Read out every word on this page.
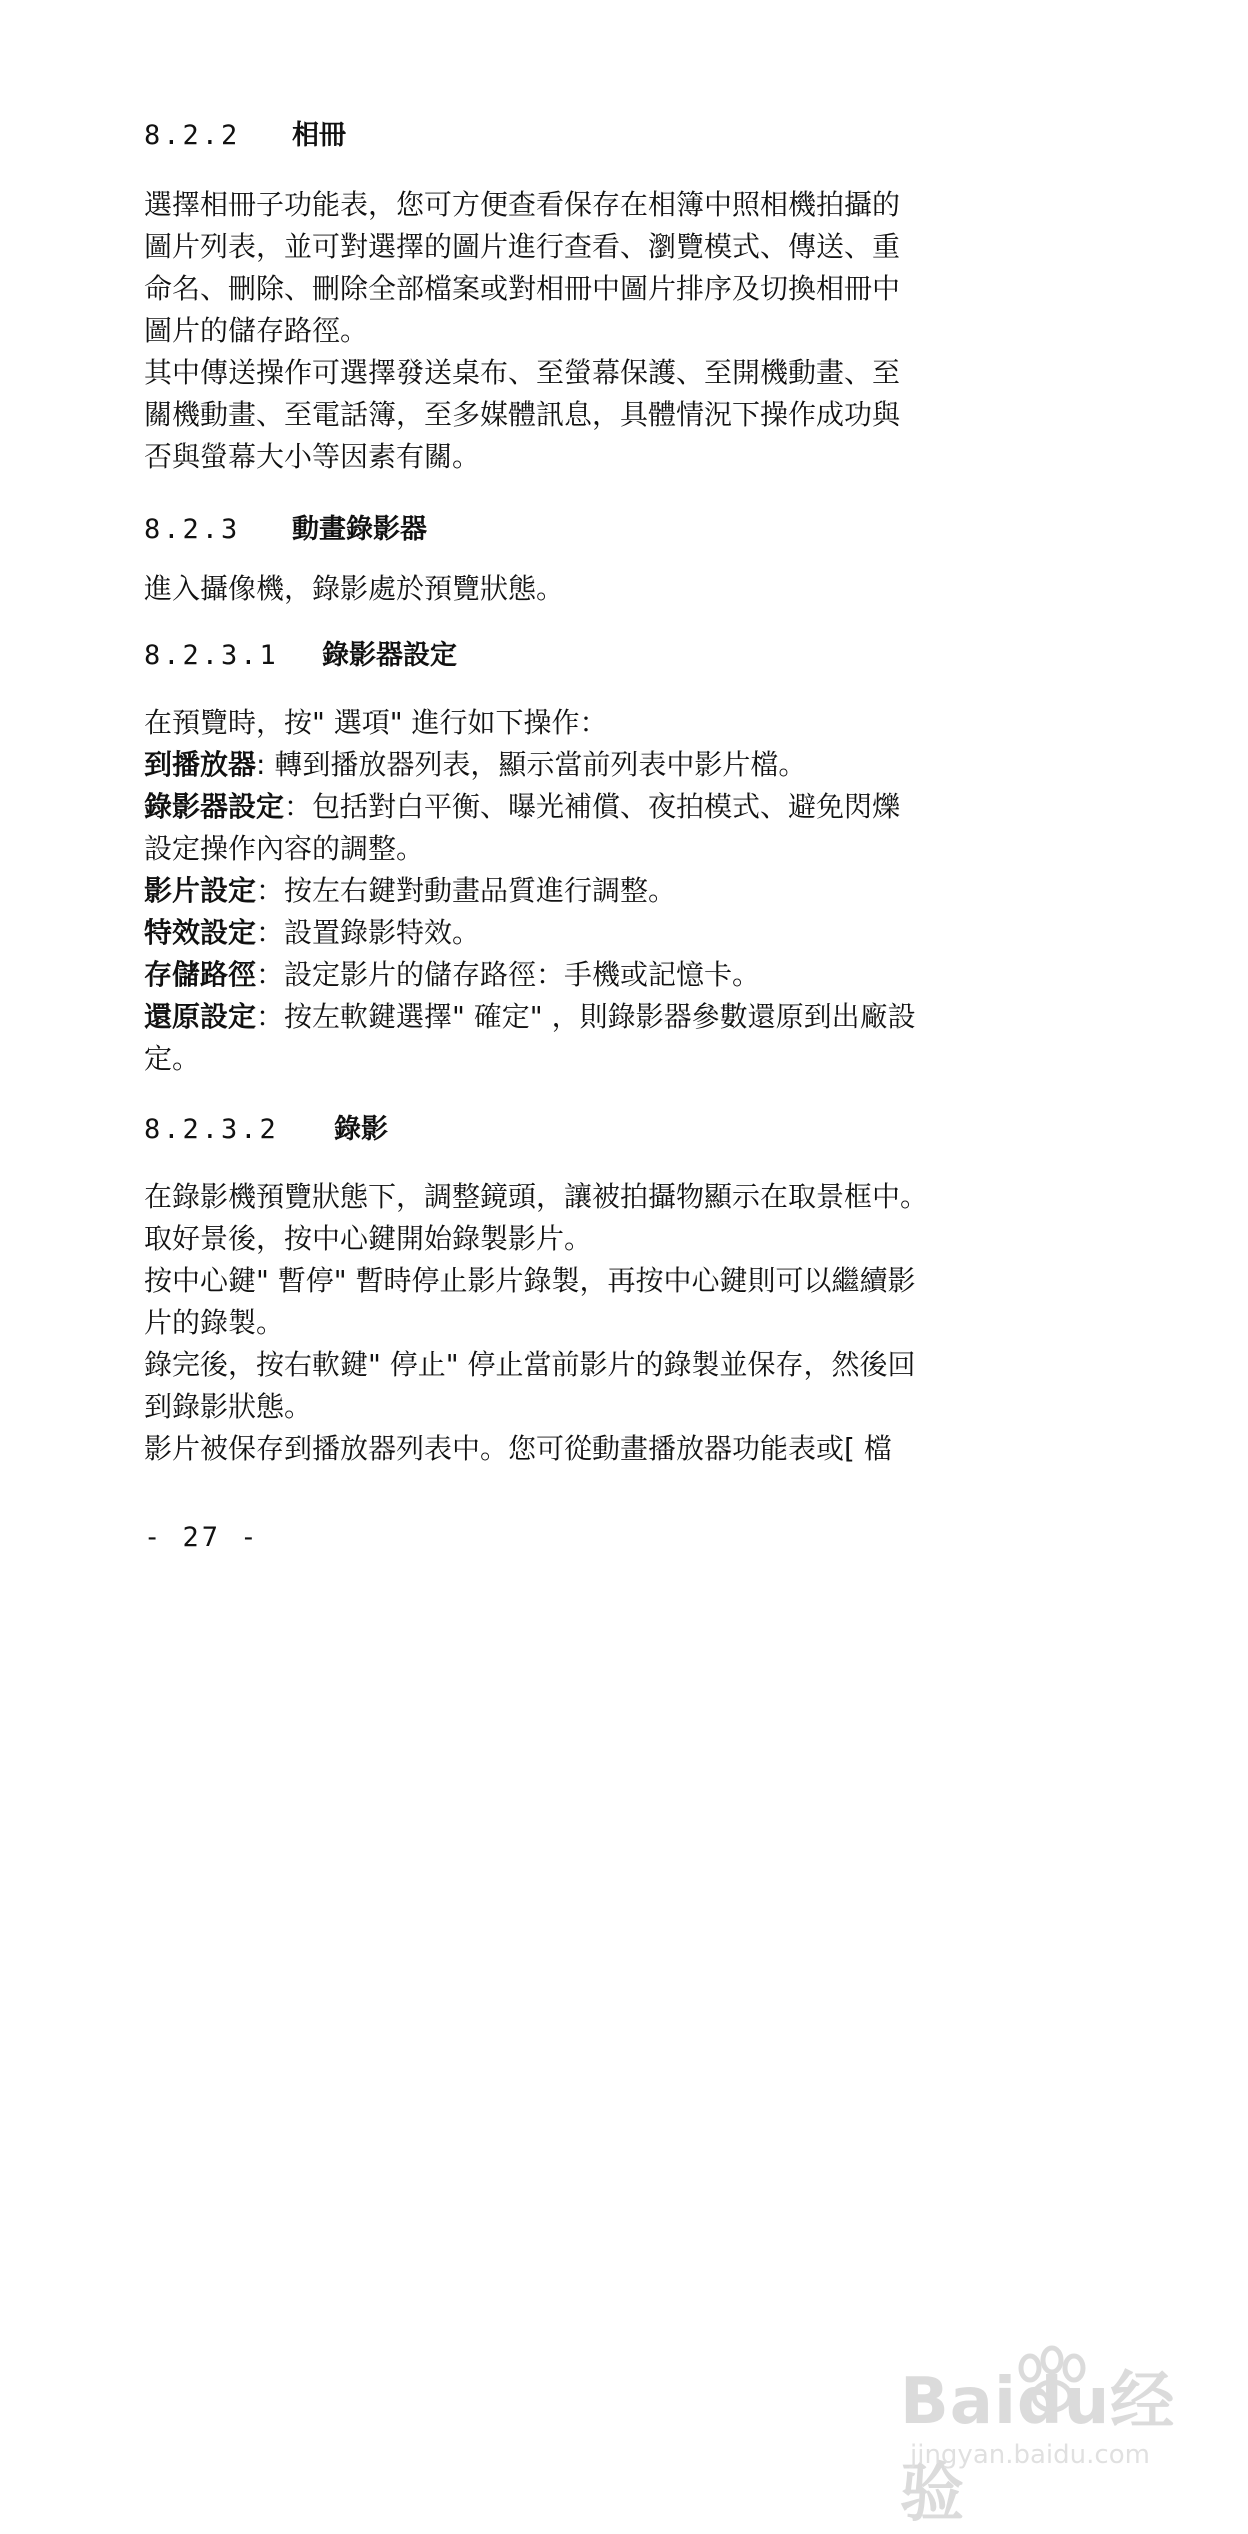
8.2.2 相冊
選擇相冊子功能表，您可方便查看保存在相簿中照相機拍攝的
圖片列表，並可對選擇的圖片進行查看、瀏覽模式、傳送、重
命名、刪除、刪除全部檔案或對相冊中圖片排序及切換相冊中
圖片的儲存路徑。
其中傳送操作可選擇發送桌布、至螢幕保護、至開機動畫、至
關機動畫、至電話簿，至多媒體訊息，具體情況下操作成功與
否與螢幕大小等因素有關。
8.2.3 動畫錄影器
進入攝像機，錄影處於預覽狀態。
8.2.3.1 錄影器設定
在預覽時，按" 選項" 進行如下操作：
到播放器: 轉到播放器列表，顯示當前列表中影片檔。
錄影器設定：包括對白平衡、曝光補償、夜拍模式、避免閃爍
設定操作內容的調整。
影片設定：按左右鍵對動畫品質進行調整。
特效設定：設置錄影特效。
存儲路徑：設定影片的儲存路徑：手機或記憶卡。
還原設定：按左軟鍵選擇" 確定" ，則錄影器參數還原到出廠設
定。
8.2.3.2 錄影
在錄影機預覽狀態下，調整鏡頭，讓被拍攝物顯示在取景框中。
取好景後，按中心鍵開始錄製影片。
按中心鍵" 暫停" 暫時停止影片錄製，再按中心鍵則可以繼續影
片的錄製。
錄完後，按右軟鍵" 停止" 停止當前影片的錄製並保存，然後回
到錄影狀態。
影片被保存到播放器列表中。您可從動畫播放器功能表或[ 檔
- 27 -
Baidu经验
jingyan.baidu.com
